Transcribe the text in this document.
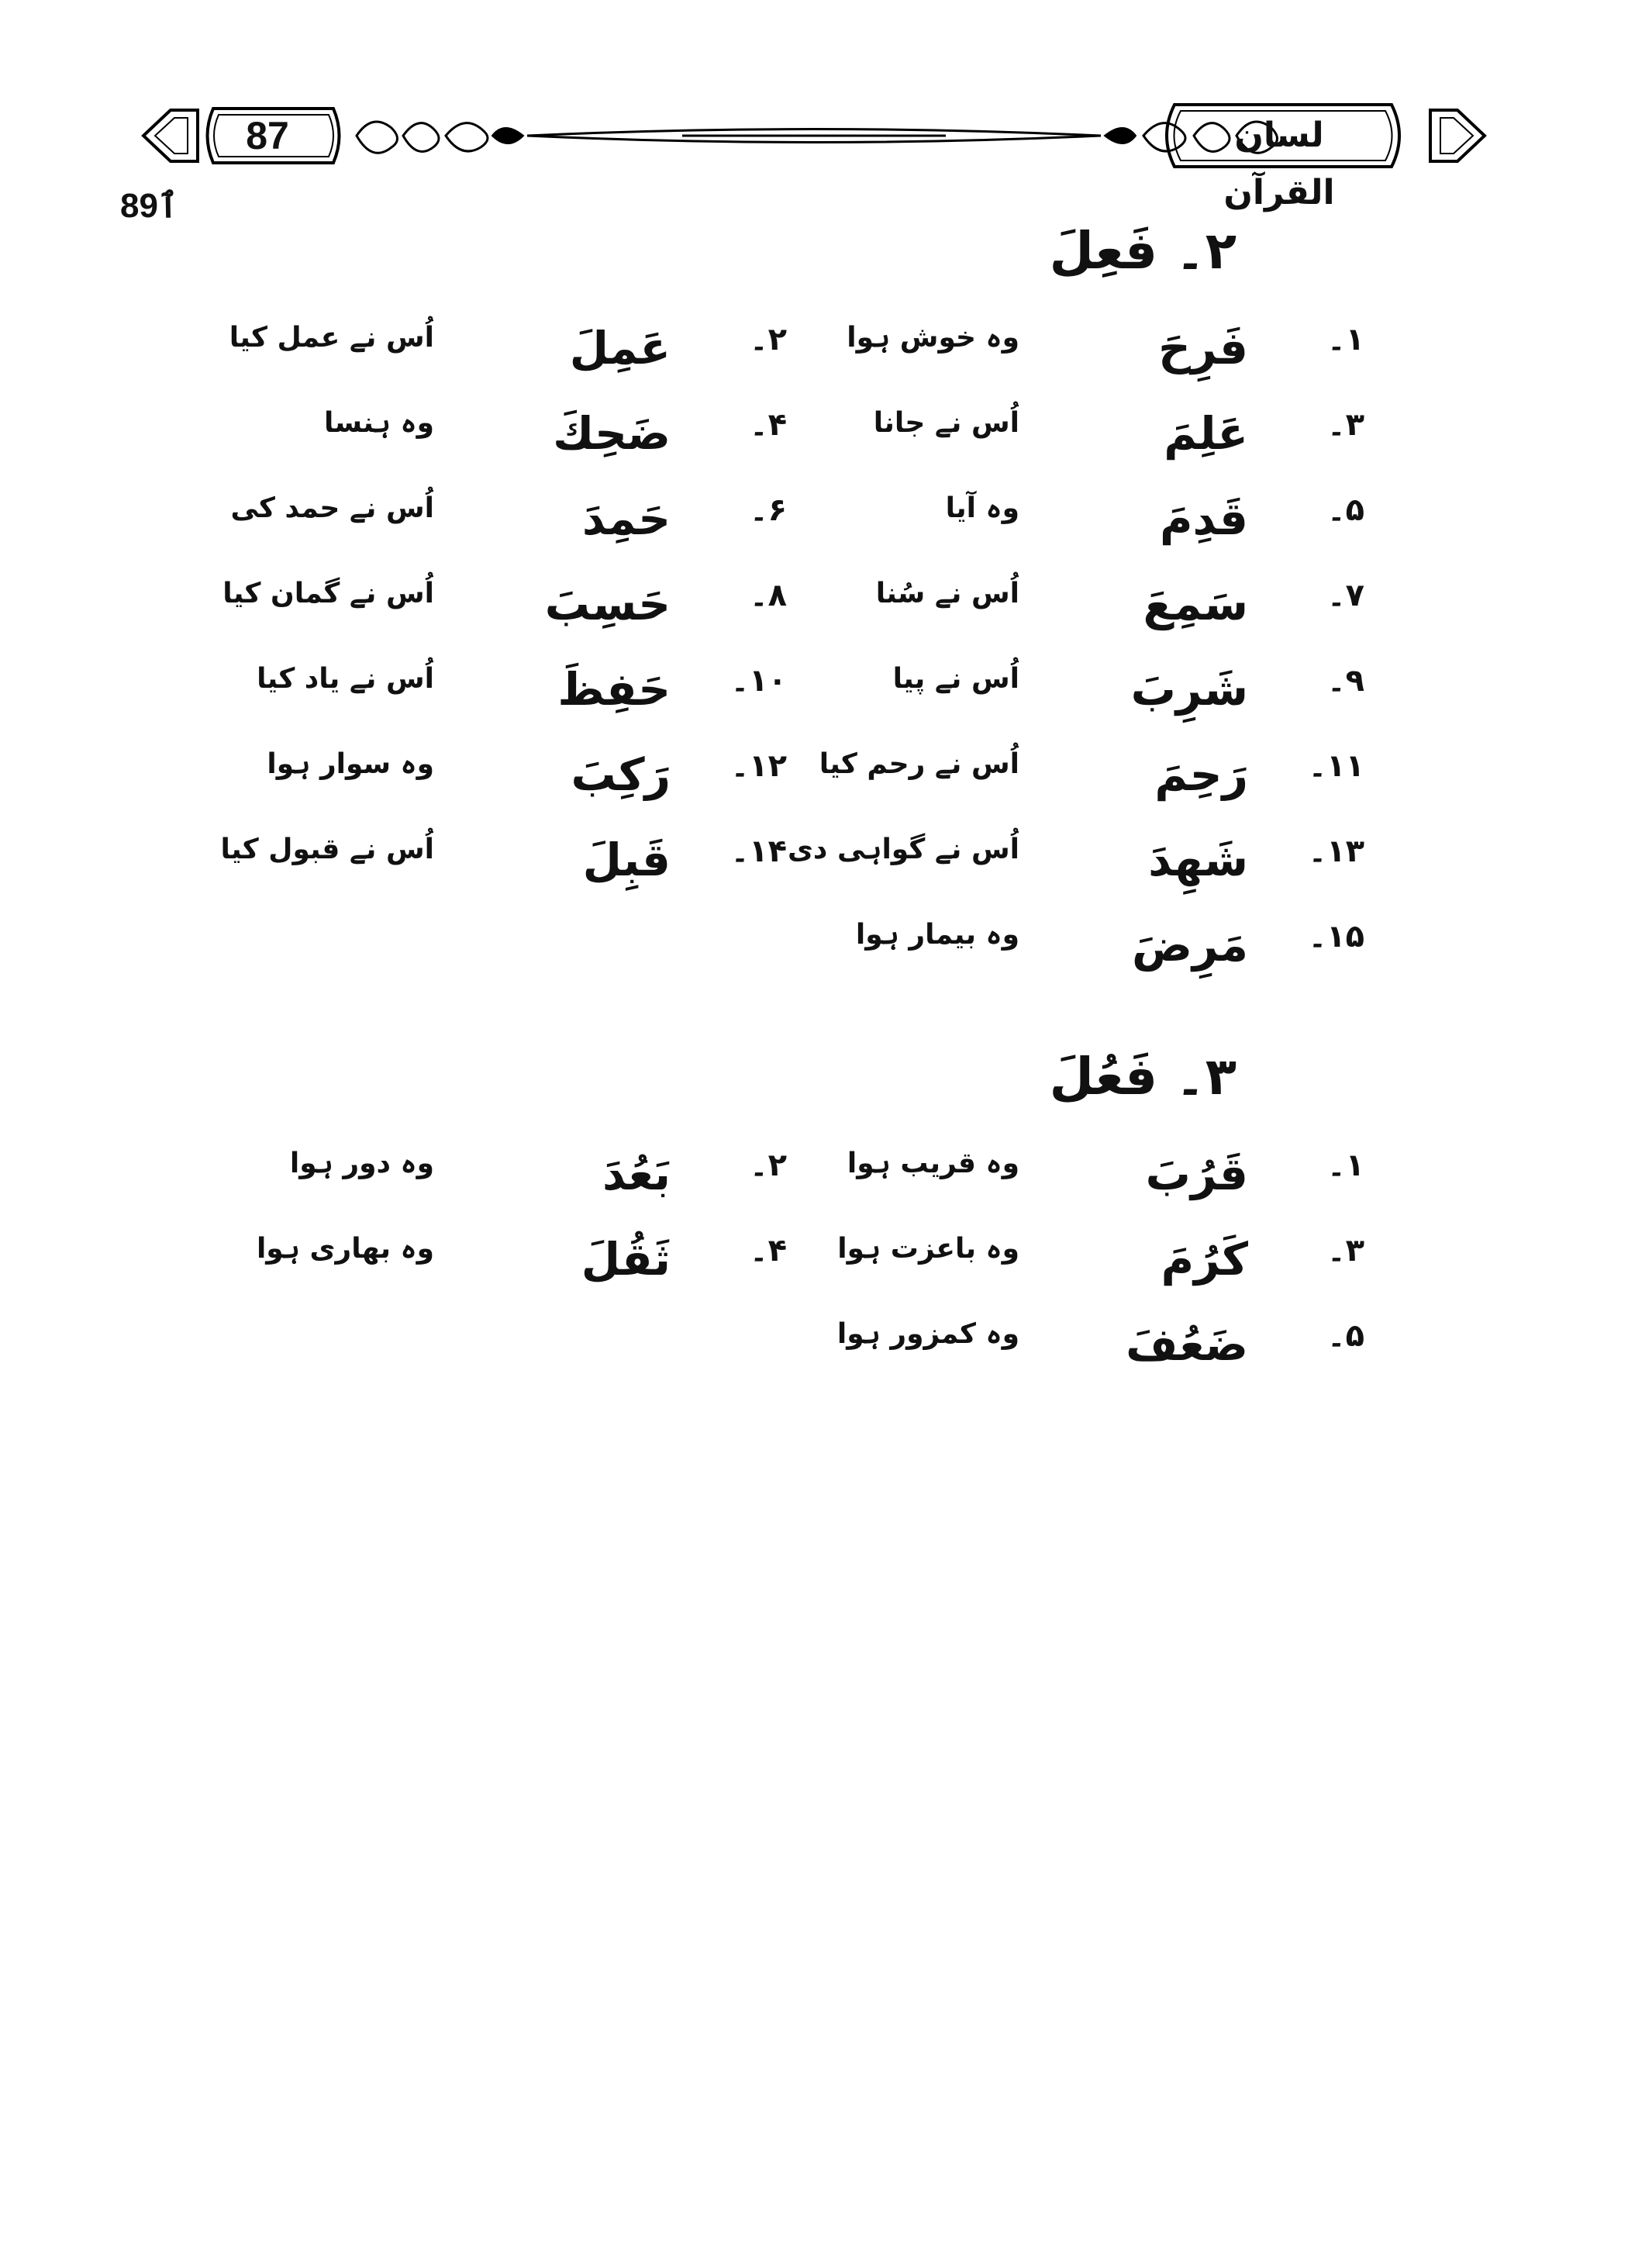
87	لسان القرآن
ٱ89
۲۔ فَعِلَ
۱۔
فَرِحَ
وہ خوش ہوا
۲۔
عَمِلَ
اُس نے عمل کیا
۳۔
عَلِمَ
اُس نے جانا
۴۔
ضَحِكَ
وہ ہنسا
۵۔
قَدِمَ
وہ آیا
۶۔
حَمِدَ
اُس نے حمد کی
۷۔
سَمِعَ
اُس نے سُنا
۸۔
حَسِبَ
اُس نے گمان کیا
۹۔
شَرِبَ
اُس نے پیا
۱۰۔
حَفِظَ
اُس نے یاد کیا
۱۱۔
رَحِمَ
اُس نے رحم کیا
۱۲۔
رَكِبَ
وہ سوار ہوا
۱۳۔
شَهِدَ
اُس نے گواہی دی
۱۴۔
قَبِلَ
اُس نے قبول کیا
۱۵۔
مَرِضَ
وہ بیمار ہوا
۳۔ فَعُلَ
۱۔
قَرُبَ
وہ قریب ہوا
۲۔
بَعُدَ
وہ دور ہوا
۳۔
كَرُمَ
وہ باعزت ہوا
۴۔
ثَقُلَ
وہ بھاری ہوا
۵۔
ضَعُفَ
وہ کمزور ہوا
